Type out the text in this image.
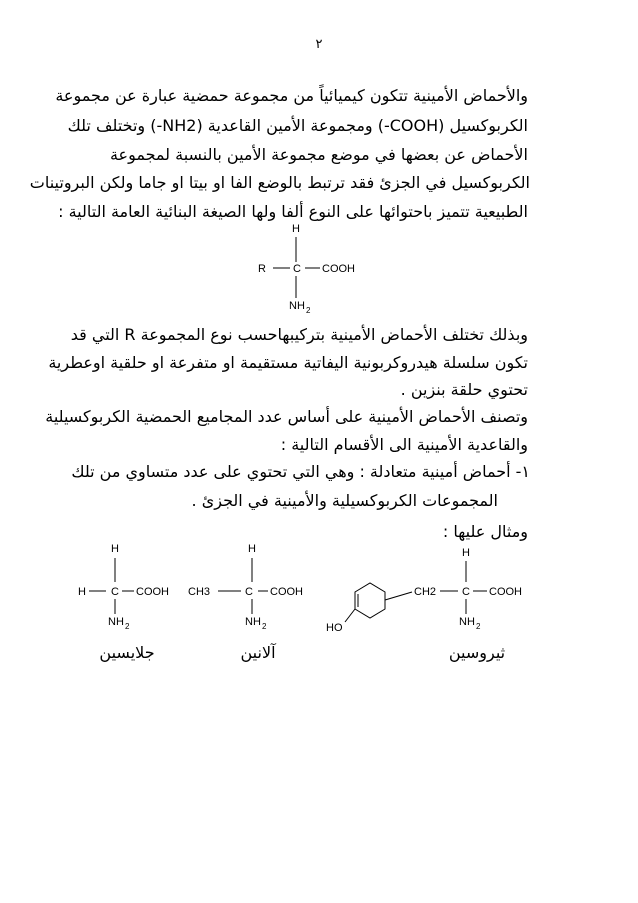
٢
والأحماض الأمينية تتكون كيميائياً من مجموعة حمضية عبارة عن مجموعة
الكربوكسيل (COOH-) ومجموعة الأمين القاعدية (NH2-) وتختلف تلك
الأحماض عن بعضها في موضع مجموعة الأمين بالنسبة لمجموعة
الكربوكسيل في الجزئ فقد ترتبط بالوضع الفا او بيتا او جاما ولكن البروتينات
الطبيعية تتميز باحتوائها على النوع ألفا ولها الصيغة البنائية العامة التالية :
H
R C COOH
NH 2
وبذلك تختلف الأحماض الأمينية بتركيبهاحسب نوع المجموعة R التي قد
تكون سلسلة هيدروكربونية اليفاتية مستقيمة او متفرعة او حلقية اوعطرية
تحتوي حلقة بنزين .
وتصنف الأحماض الأمينية على أساس عدد المجاميع الحمضية الكربوكسيلية
والقاعدية الأمينية الى الأقسام التالية :
١- أحماض أمينية متعادلة : وهي التي تحتوي على عدد متساوي من تلك
المجموعات الكربوكسيلية والأمينية في الجزئ .
ومثال عليها :
H
H C COOH
NH 2
H
CH3	C COOH
NH 2
H
HO
CH2 C COOH
NH 2
جلايسين	آلانين	ثيروسين
